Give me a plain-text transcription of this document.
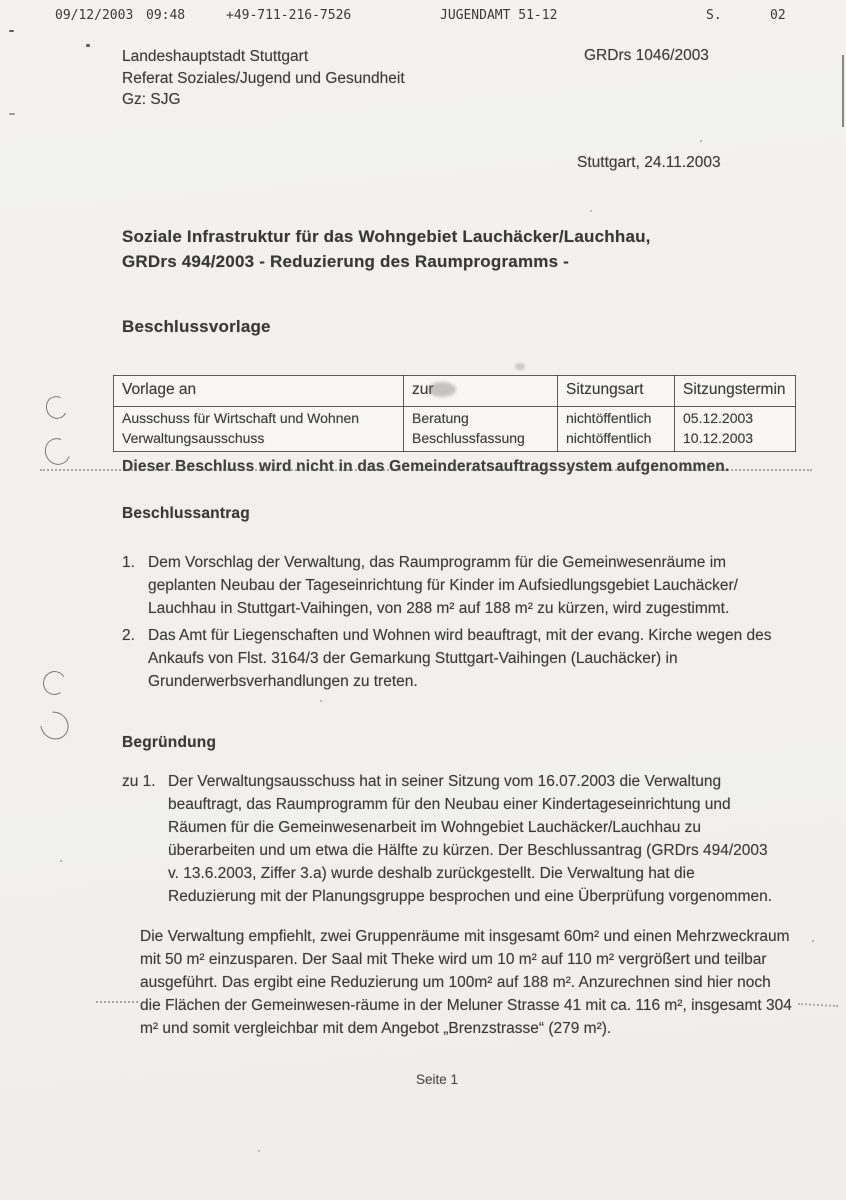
09/12/2003 09:48	+49-711-216-7526	JUGENDAMT 51-12	S.	02
Landeshauptstadt Stuttgart
Referat Soziales/Jugend und Gesundheit
Gz: SJG
GRDrs 1046/2003
Stuttgart, 24.11.2003
Soziale Infrastruktur für das Wohngebiet Lauchäcker/Lauchhau,
GRDrs 494/2003 - Reduzierung des Raumprogramms -
Beschlussvorlage
Vorlage an	zur	Sitzungsart	Sitzungstermin
Ausschuss für Wirtschaft und Wohnen	Beratung	nichtöffentlich	05.12.2003
Verwaltungsausschuss	Beschlussfassung	nichtöffentlich	10.12.2003
Dieser Beschluss wird nicht in das Gemeinderatsauftragssystem aufgenommen.
Beschlussantrag
1. Dem Vorschlag der Verwaltung, das Raumprogramm für die Gemeinwesenräume im geplanten Neubau der Tageseinrichtung für Kinder im Aufsiedlungsgebiet Lauchäcker/ Lauchhau in Stuttgart-Vaihingen, von 288 m² auf 188 m² zu kürzen, wird zugestimmt.
2. Das Amt für Liegenschaften und Wohnen wird beauftragt, mit der evang. Kirche wegen des Ankaufs von Flst. 3164/3 der Gemarkung Stuttgart-Vaihingen (Lauchäcker) in Grunderwerbsverhandlungen zu treten.
Begründung
zu 1. Der Verwaltungsausschuss hat in seiner Sitzung vom 16.07.2003 die Verwaltung beauftragt, das Raumprogramm für den Neubau einer Kindertageseinrichtung und Räumen für die Gemeinwesenarbeit im Wohngebiet Lauchäcker/Lauchhau zu überarbeiten und um etwa die Hälfte zu kürzen. Der Beschlussantrag (GRDrs 494/2003 v. 13.6.2003, Ziffer 3.a) wurde deshalb zurückgestellt. Die Verwaltung hat die Reduzierung mit der Planungsgruppe besprochen und eine Überprüfung vorgenommen.
Die Verwaltung empfiehlt, zwei Gruppenräume mit insgesamt 60m² und einen Mehrzweckraum mit 50 m² einzusparen. Der Saal mit Theke wird um 10 m² auf 110 m² vergrößert und teilbar ausgeführt. Das ergibt eine Reduzierung um 100m² auf 188 m². Anzurechnen sind hier noch die Flächen der Gemeinwesen-räume in der Meluner Strasse 41 mit ca. 116 m², insgesamt 304 m² und somit vergleichbar mit dem Angebot „Brenzstrasse“ (279 m²).
Seite 1
